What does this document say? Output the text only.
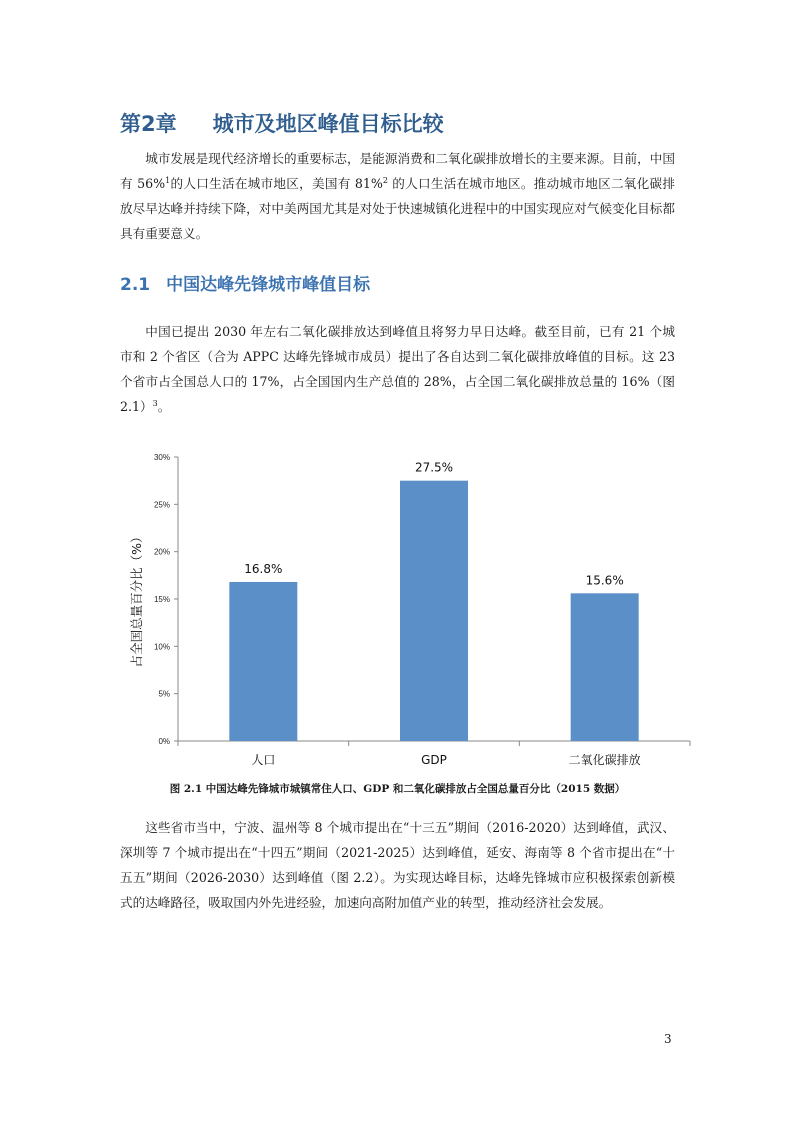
第2章 城市及地区峰值目标比较

城市发展是现代经济增长的重要标志，是能源消费和二氧化碳排放增长的主要来源。目前，中国有 56%$^1$的人口生活在城市地区，美国有 81%$^2$ 的人口生活在城市地区。推动城市地区二氧化碳排放尽早达峰并持续下降，对中美两国尤其是对处于快速城镇化进程中的中国实现应对气候变化目标都具有重要意义。

2.1 中国达峰先锋城市峰值目标

中国已提出 2030 年左右二氧化碳排放达到峰值且将努力早日达峰。截至目前，已有 21 个城市和 2 个省区（合为 APPC 达峰先锋城市成员）提出了各自达到二氧化碳排放峰值的目标。这 23 个省市占全国总人口的 17%，占全国国内生产总值的 28%，占全国二氧化碳排放总量的 16%（图 2.1）$^3$。

0%
5%
10%
15%
20%
25%
30%
16.8%
人口
27.5%
GDP
15.6%
二氧化碳排放
占全国总量百分比（%）

图 2.1 中国达峰先锋城市城镇常住人口、GDP 和二氧化碳排放占全国总量百分比（2015 数据）

这些省市当中，宁波、温州等 8 个城市提出在“十三五”期间（2016-2020）达到峰值，武汉、深圳等 7 个城市提出在“十四五”期间（2021-2025）达到峰值，延安、海南等 8 个省市提出在“十五五”期间（2026-2030）达到峰值（图 2.2）。为实现达峰目标，达峰先锋城市应积极探索创新模式的达峰路径，吸取国内外先进经验，加速向高附加值产业的转型，推动经济社会发展。

3
